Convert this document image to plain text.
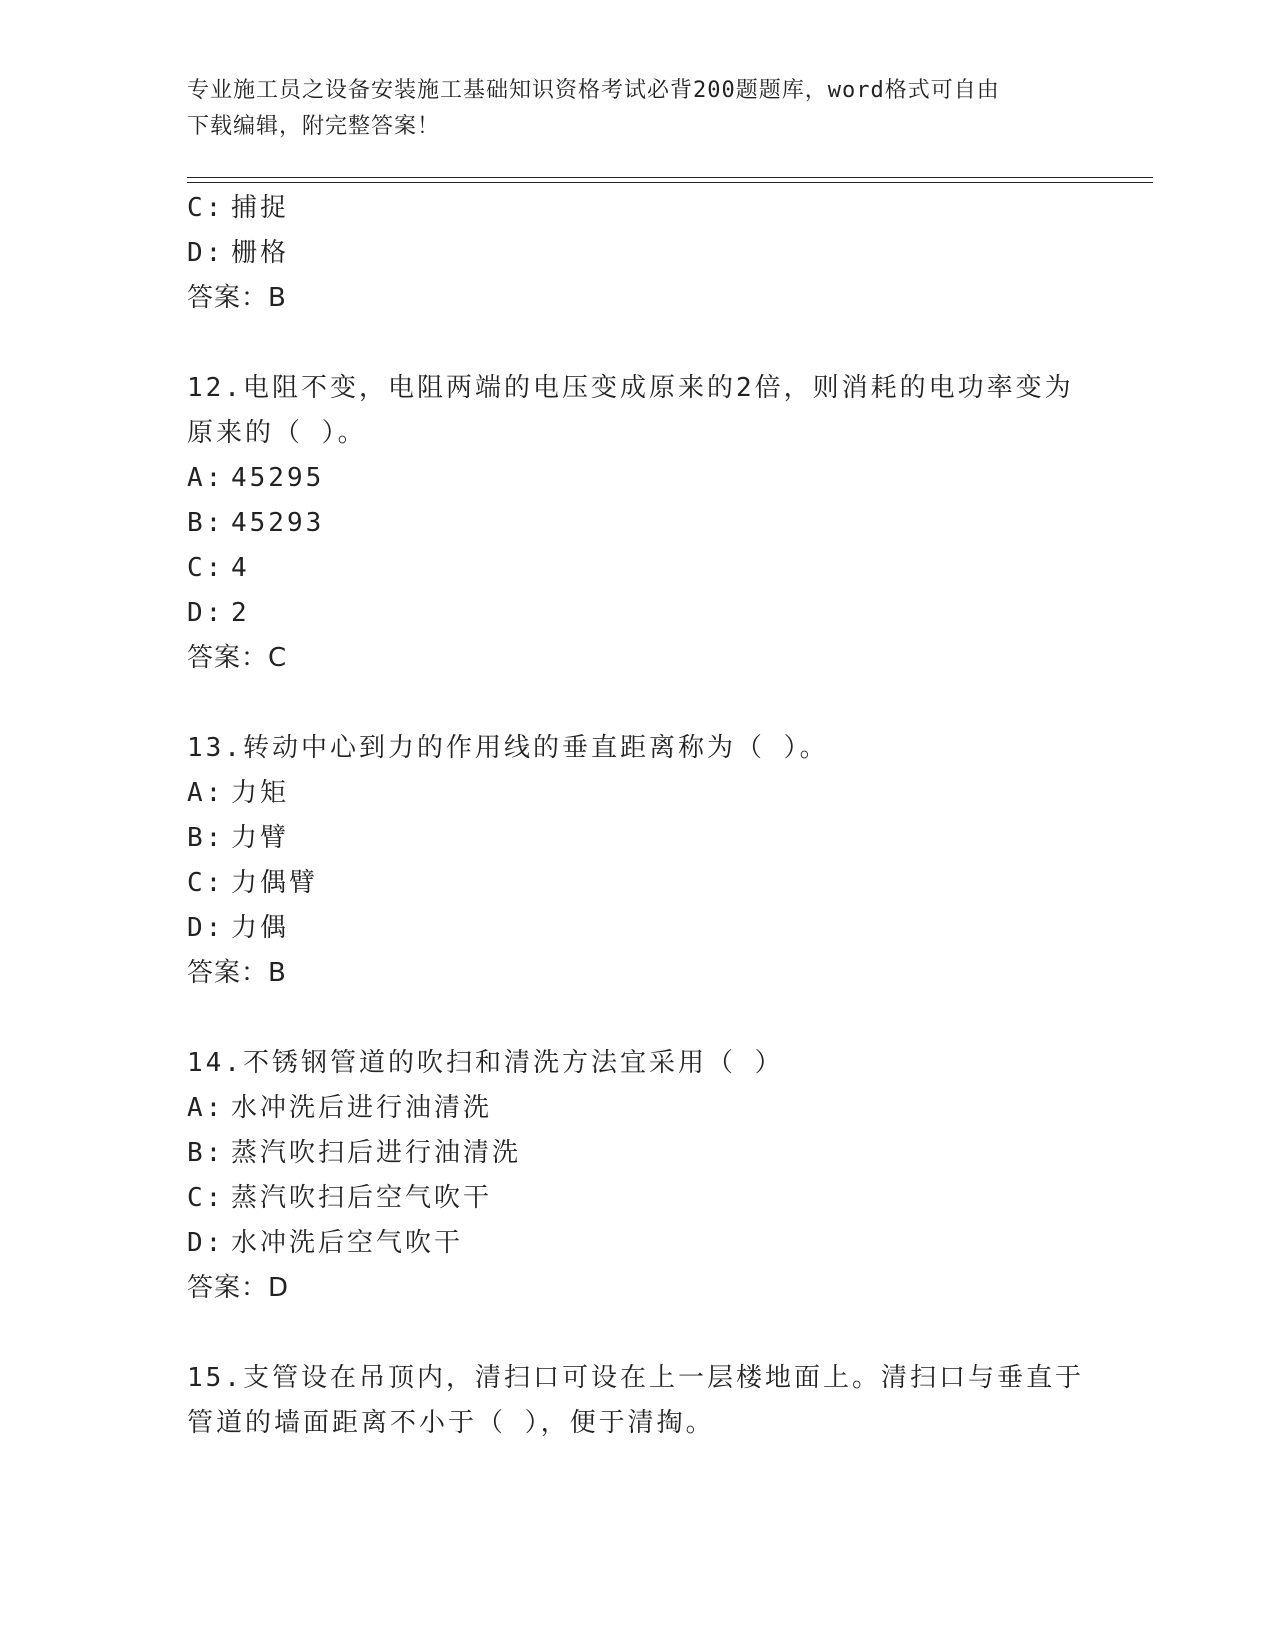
专业施工员之设备安装施工基础知识资格考试必背200题题库，word格式可自由
下载编辑，附完整答案！
C: 捕捉
D: 栅格
答案：B
12.电阻不变，电阻两端的电压变成原来的2倍，则消耗的电功率变为
原来的（ ）。
A: 45295
B: 45293
C: 4
D: 2
答案：C
13.转动中心到力的作用线的垂直距离称为（ ）。
A: 力矩
B: 力臂
C: 力偶臂
D: 力偶
答案：B
14.不锈钢管道的吹扫和清洗方法宜采用（ ）
A: 水冲洗后进行油清洗
B: 蒸汽吹扫后进行油清洗
C: 蒸汽吹扫后空气吹干
D: 水冲洗后空气吹干
答案：D
15.支管设在吊顶内，清扫口可设在上一层楼地面上。清扫口与垂直于
管道的墙面距离不小于（ ），便于清掏。
